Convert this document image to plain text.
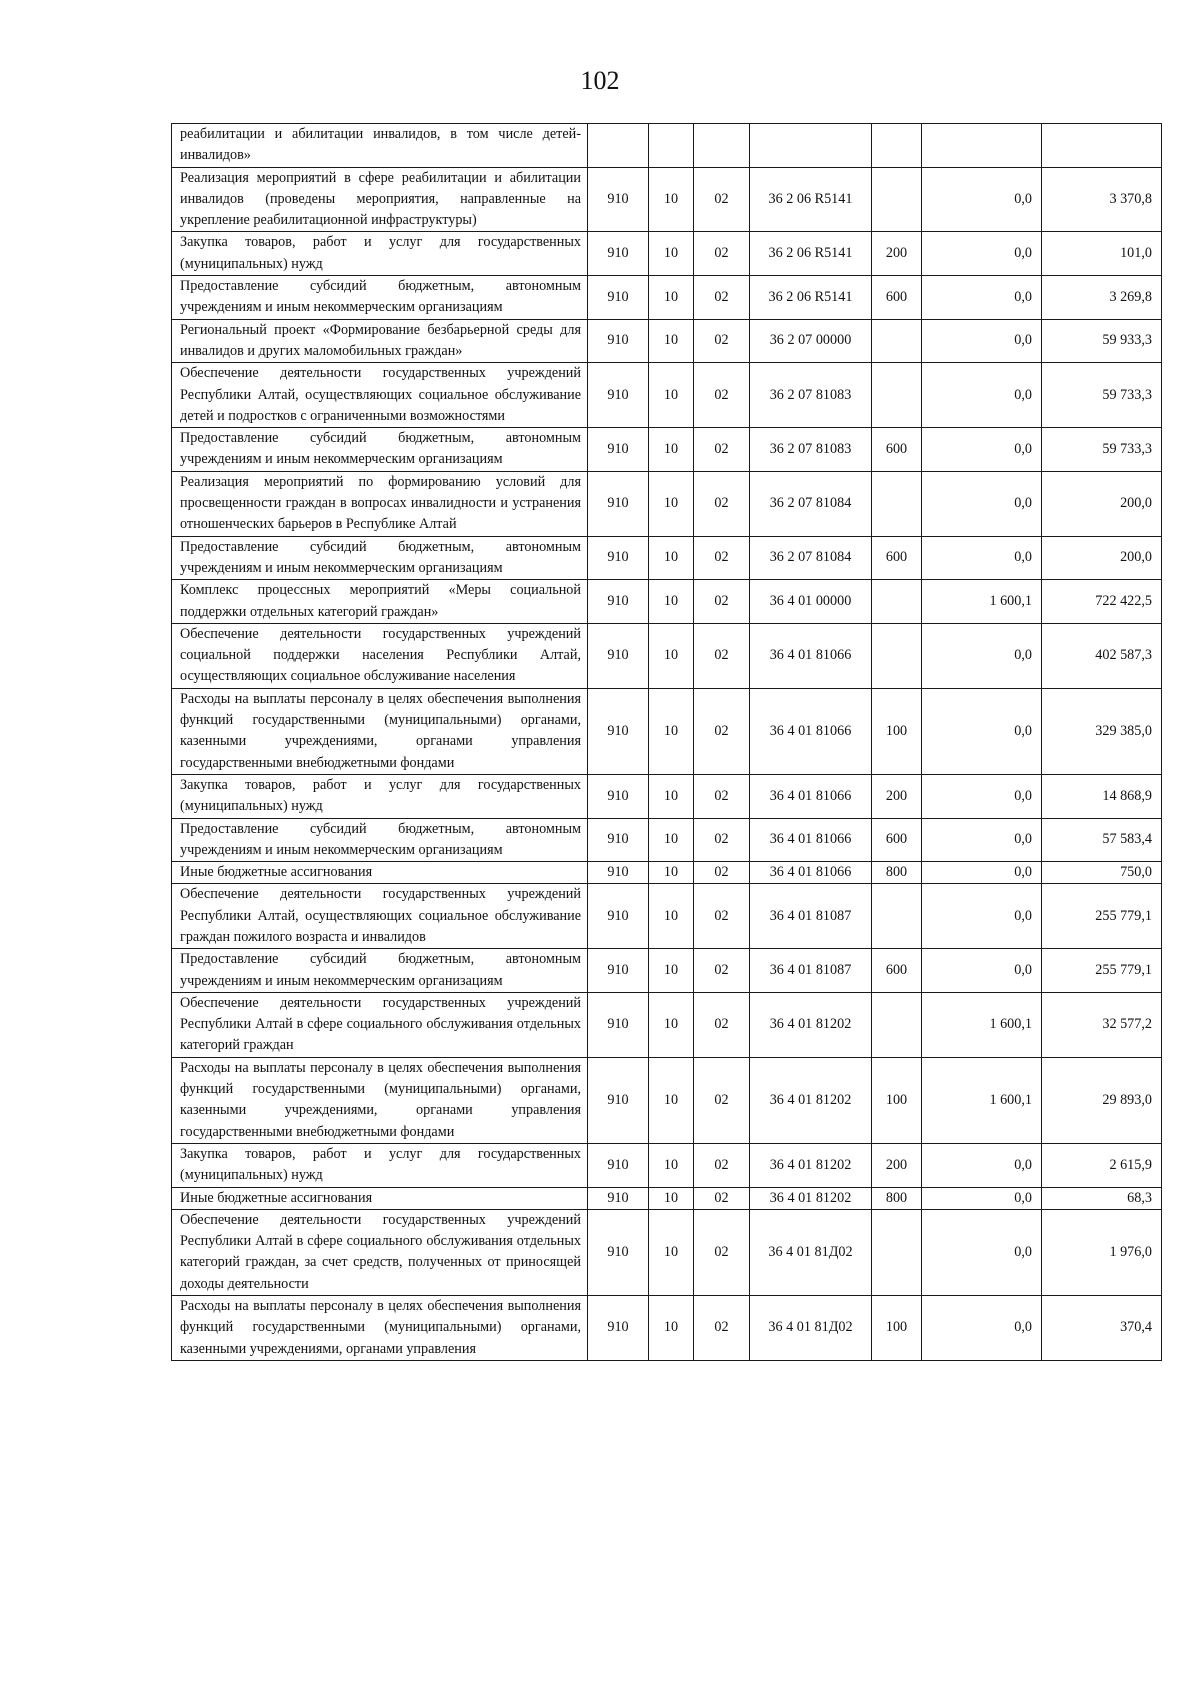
102
реабилитации и абилитации инвалидов, в том числе детей-инвалидов»							
Реализация мероприятий в сфере реабилитации и абилитации инвалидов (проведены мероприятия, направленные на укрепление реабилитационной инфраструктуры)	910	10	02	36 2 06 R5141		0,0	3 370,8
Закупка товаров, работ и услуг для государственных (муниципальных) нужд	910	10	02	36 2 06 R5141	200	0,0	101,0
Предоставление субсидий бюджетным, автономным учреждениям и иным некоммерческим организациям	910	10	02	36 2 06 R5141	600	0,0	3 269,8
Региональный проект «Формирование безбарьерной среды для инвалидов и других маломобильных граждан»	910	10	02	36 2 07 00000		0,0	59 933,3
Обеспечение деятельности государственных учреждений Республики Алтай, осуществляющих социальное обслуживание детей и подростков с ограниченными возможностями	910	10	02	36 2 07 81083		0,0	59 733,3
Предоставление субсидий бюджетным, автономным учреждениям и иным некоммерческим организациям	910	10	02	36 2 07 81083	600	0,0	59 733,3
Реализация мероприятий по формированию условий для просвещенности граждан в вопросах инвалидности и устранения отношенческих барьеров в Республике Алтай	910	10	02	36 2 07 81084		0,0	200,0
Предоставление субсидий бюджетным, автономным учреждениям и иным некоммерческим организациям	910	10	02	36 2 07 81084	600	0,0	200,0
Комплекс процессных мероприятий «Меры социальной поддержки отдельных категорий граждан»	910	10	02	36 4 01 00000		1 600,1	722 422,5
Обеспечение деятельности государственных учреждений социальной поддержки населения Республики Алтай, осуществляющих социальное обслуживание населения	910	10	02	36 4 01 81066		0,0	402 587,3
Расходы на выплаты персоналу в целях обеспечения выполнения функций государственными (муниципальными) органами, казенными учреждениями, органами управления государственными внебюджетными фондами	910	10	02	36 4 01 81066	100	0,0	329 385,0
Закупка товаров, работ и услуг для государственных (муниципальных) нужд	910	10	02	36 4 01 81066	200	0,0	14 868,9
Предоставление субсидий бюджетным, автономным учреждениям и иным некоммерческим организациям	910	10	02	36 4 01 81066	600	0,0	57 583,4
Иные бюджетные ассигнования	910	10	02	36 4 01 81066	800	0,0	750,0
Обеспечение деятельности государственных учреждений Республики Алтай, осуществляющих социальное обслуживание граждан пожилого возраста и инвалидов	910	10	02	36 4 01 81087		0,0	255 779,1
Предоставление субсидий бюджетным, автономным учреждениям и иным некоммерческим организациям	910	10	02	36 4 01 81087	600	0,0	255 779,1
Обеспечение деятельности государственных учреждений Республики Алтай в сфере социального обслуживания отдельных категорий граждан	910	10	02	36 4 01 81202		1 600,1	32 577,2
Расходы на выплаты персоналу в целях обеспечения выполнения функций государственными (муниципальными) органами, казенными учреждениями, органами управления государственными внебюджетными фондами	910	10	02	36 4 01 81202	100	1 600,1	29 893,0
Закупка товаров, работ и услуг для государственных (муниципальных) нужд	910	10	02	36 4 01 81202	200	0,0	2 615,9
Иные бюджетные ассигнования	910	10	02	36 4 01 81202	800	0,0	68,3
Обеспечение деятельности государственных учреждений Республики Алтай в сфере социального обслуживания отдельных категорий граждан, за счет средств, полученных от приносящей доходы деятельности	910	10	02	36 4 01 81Д02		0,0	1 976,0
Расходы на выплаты персоналу в целях обеспечения выполнения функций государственными (муниципальными) органами, казенными учреждениями, органами управления	910	10	02	36 4 01 81Д02	100	0,0	370,4
